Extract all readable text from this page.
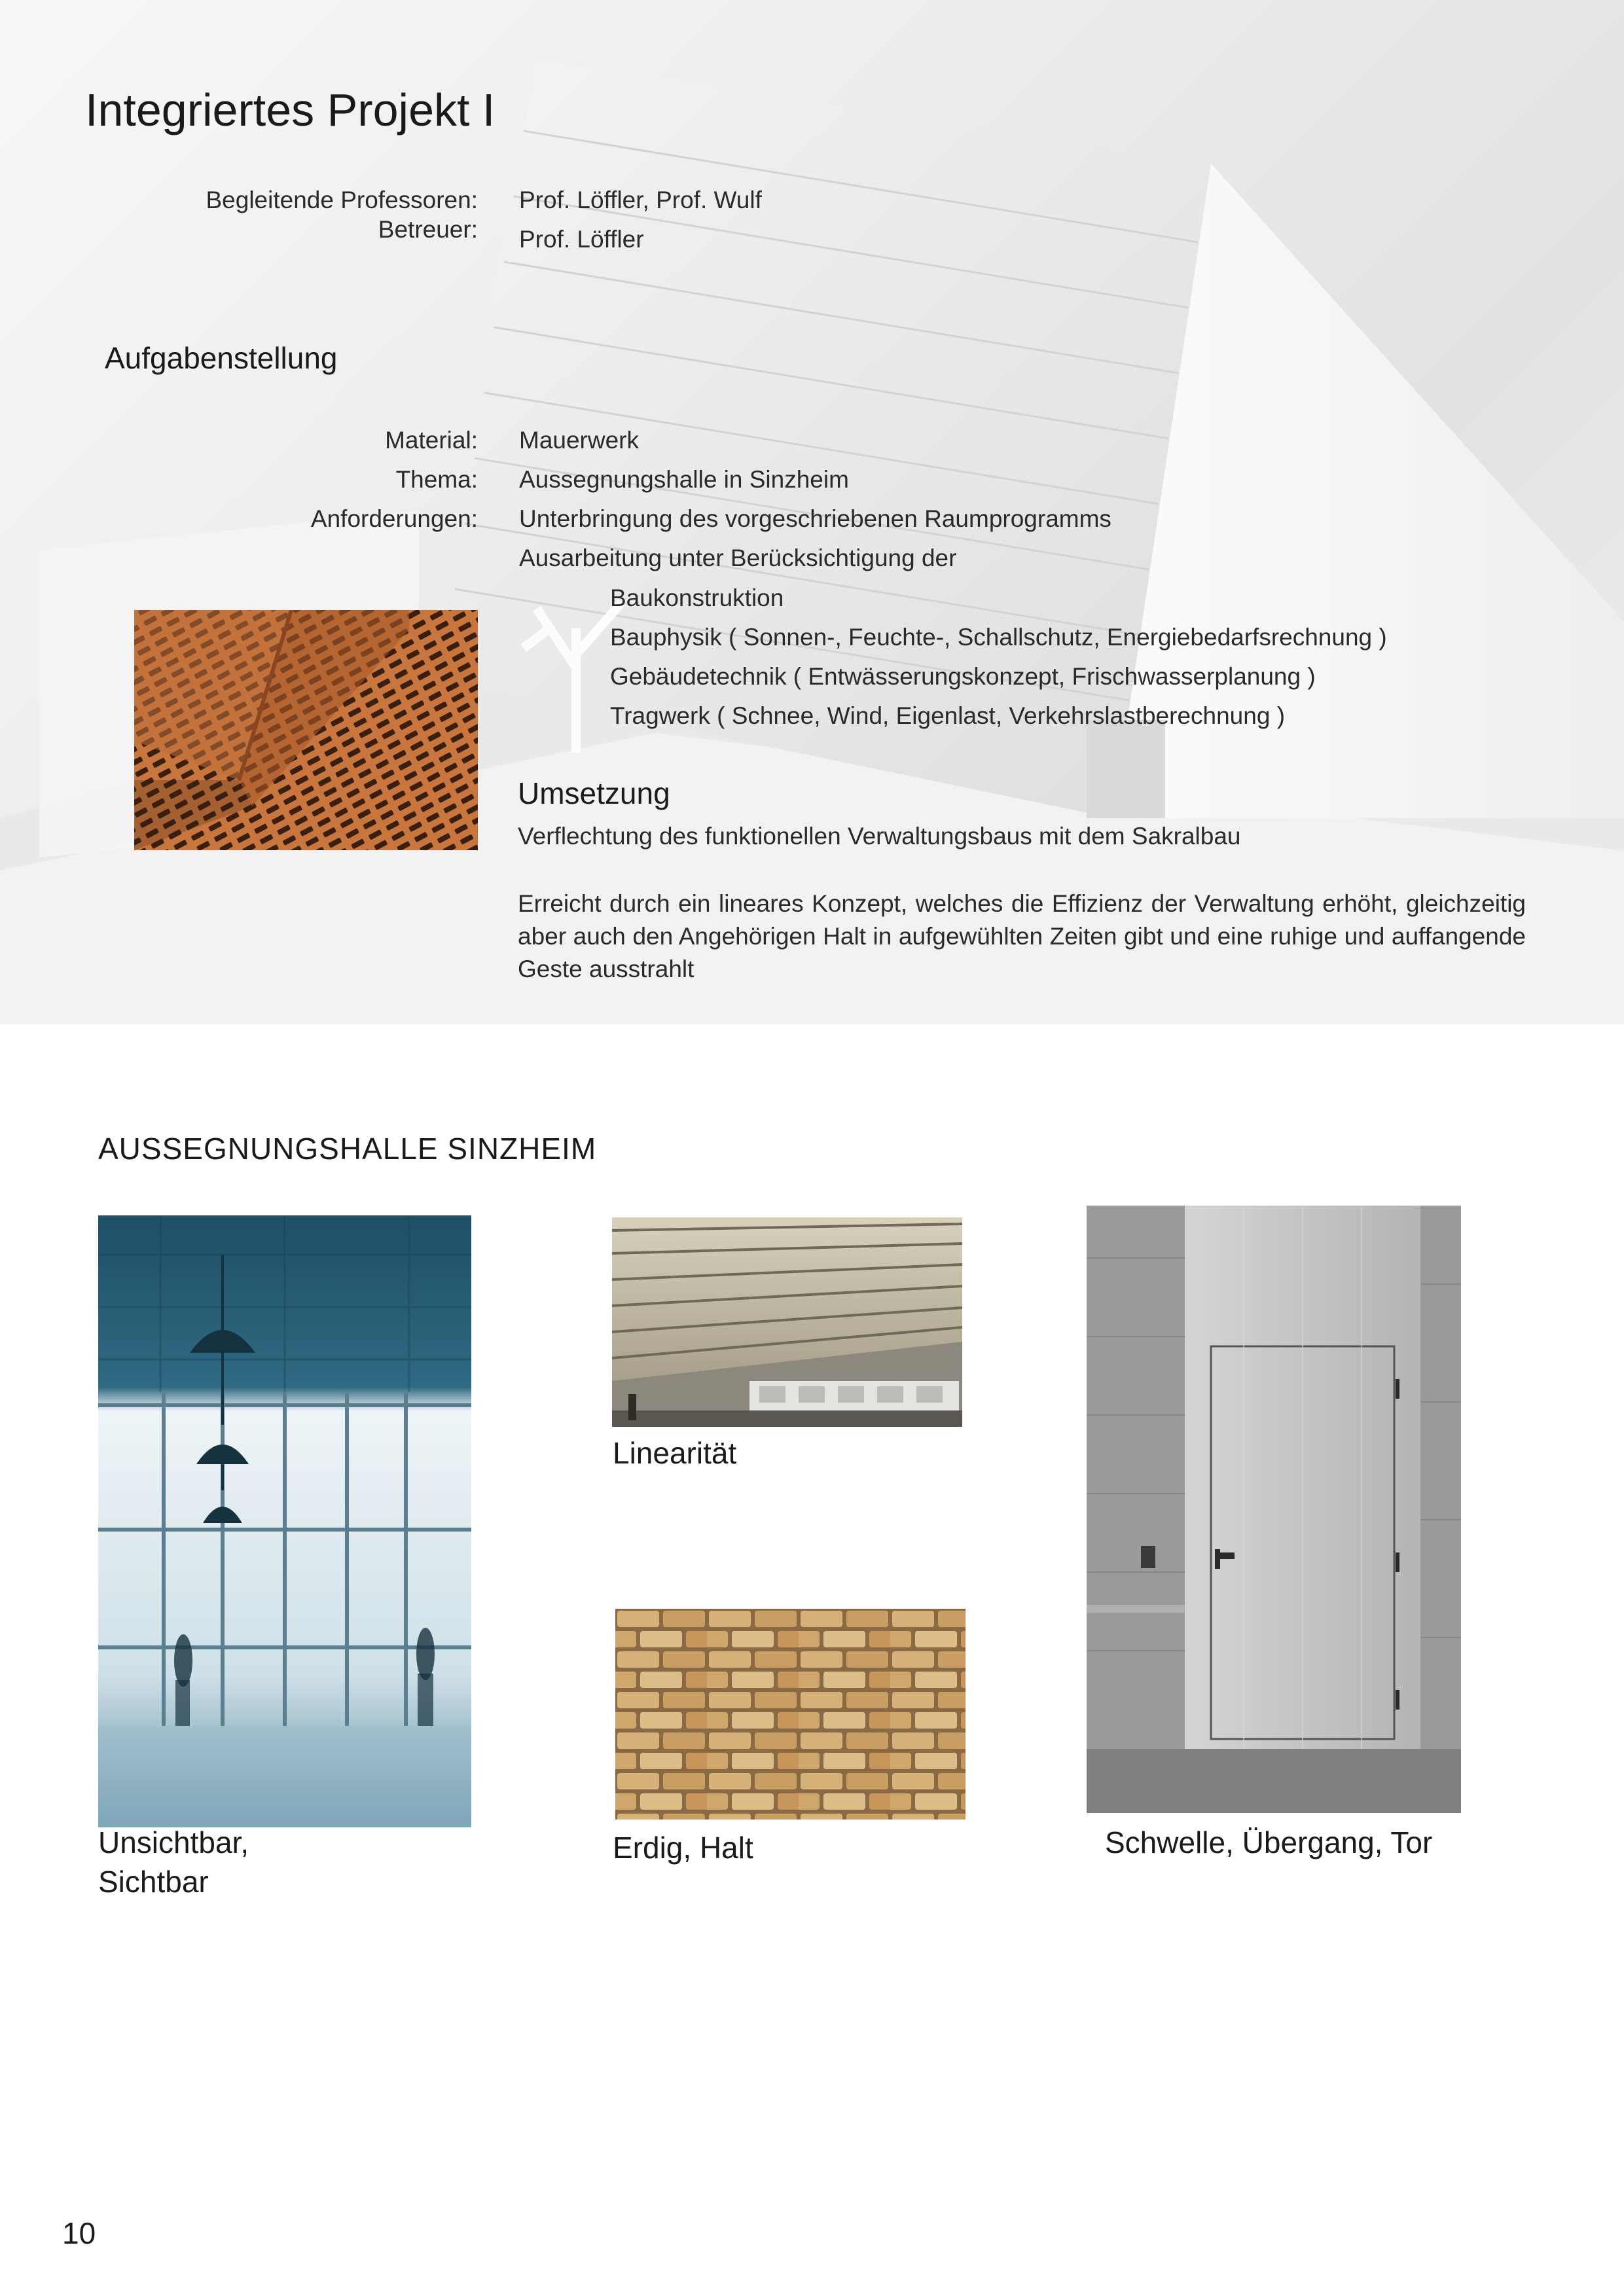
Integriertes Projekt I
Begleitende Professoren:
Betreuer:
Prof. Löffler, Prof. Wulf
Prof. Löffler
Aufgabenstellung
Material:
Thema:
Anforderungen:
Mauerwerk
Aussegnungshalle in Sinzheim
Unterbringung des vorgeschriebenen Raumprogramms
Ausarbeitung unter Berücksichtigung der
Baukonstruktion
Bauphysik ( Sonnen-, Feuchte-, Schallschutz, Energiebedarfsrechnung )
Gebäudetechnik ( Entwässerungskonzept, Frischwasserplanung )
Tragwerk ( Schnee, Wind, Eigenlast, Verkehrslastberechnung )
Umsetzung
Verflechtung des funktionellen Verwaltungsbaus mit dem Sakralbau
Erreicht durch ein lineares Konzept, welches die Effizienz der Verwaltung erhöht, gleichzeitig aber auch den Angehörigen Halt in aufgewühlten Zeiten gibt und eine ruhige und auffangende Geste ausstrahlt
AUSSEGNUNGSHALLE SINZHEIM
Unsichtbar,
Sichtbar
Linearität
Erdig, Halt	Schwelle, Übergang, Tor
10
